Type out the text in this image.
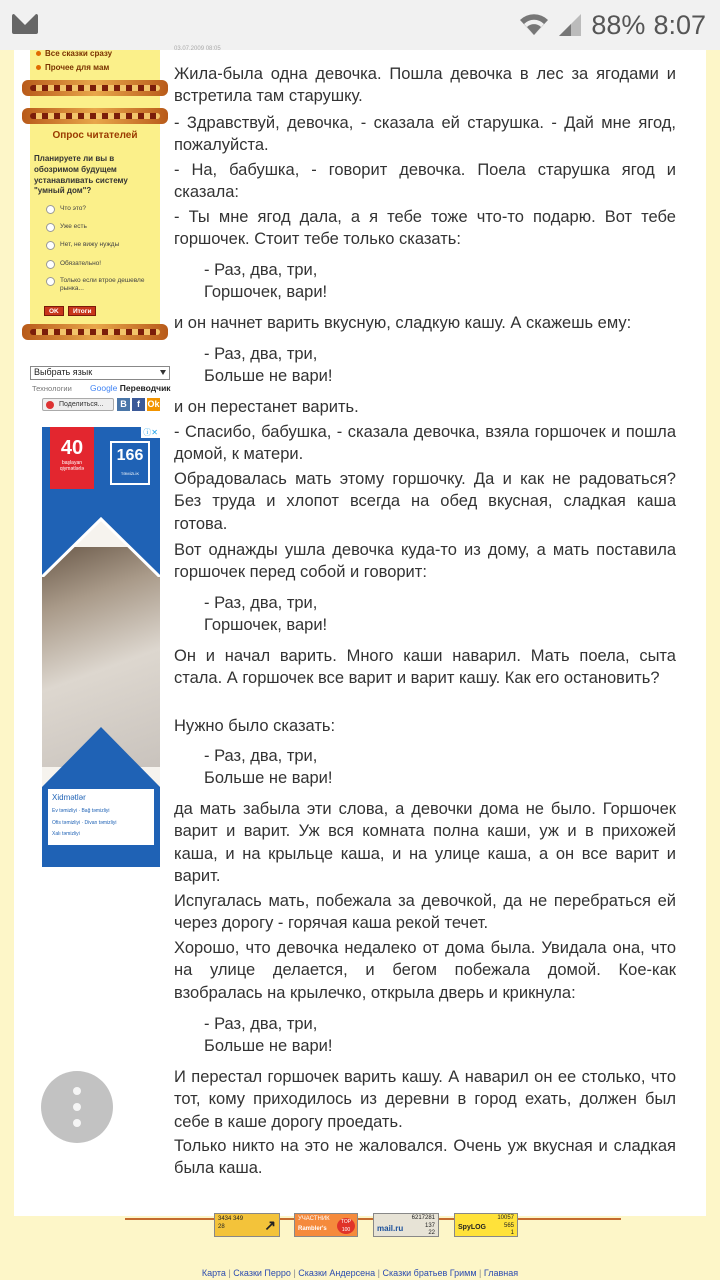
88% 8:07
Все сказки сразу
Прочее для мам
Опрос читателей
Планируете ли вы в обозримом будущем устанавливать систему "умный дом"?
Что это?
Уже есть
Нет, не вижу нужды
Обязательно!
Только если втрое дешевле рынка...
OK	Итоги
Выбрать язык
Технологии Google Переводчик
Поделиться...	В	f Ok
40
başlayan qiymətlərlə
166
TƏMİZLİK
ⓘ✕
Xidmətlər
Ev təmizliyi · Bağ təmizliyi
Ofis təmizliyi · Divan təmizliyi
Xalı təmizliyi
03.07.2009 08:05
Жила-была одна девочка. Пошла девочка в лес за ягодами и встретила там старушку.
- Здравствуй, девочка, - сказала ей старушка. - Дай мне ягод, пожалуйста.
- На, бабушка, - говорит девочка. Поела старушка ягод и сказала:
- Ты мне ягод дала, а я тебе тоже что-то подарю. Вот тебе горшочек. Стоит тебе только сказать:
- Раз, два, три,
Горшочек, вари!
и он начнет варить вкусную, сладкую кашу. А скажешь ему:
- Раз, два, три,
Больше не вари!
и он перестанет варить.
- Спасибо, бабушка, - сказала девочка, взяла горшочек и пошла домой, к матери.
Обрадовалась мать этому горшочку. Да и как не радоваться? Без труда и хлопот всегда на обед вкусная, сладкая каша готова.
Вот однажды ушла девочка куда-то из дому, а мать поставила горшочек перед собой и говорит:
- Раз, два, три,
Горшочек, вари!
Он и начал варить. Много каши наварил. Мать поела, сыта стала. А горшочек все варит и варит кашу. Как его остановить?
Нужно было сказать:
- Раз, два, три,
Больше не вари!
да мать забыла эти слова, а девочки дома не было. Горшочек варит и варит. Уж вся комната полна каши, уж и в прихожей каша, и на крыльце каша, и на улице каша, а он все варит и варит.
Испугалась мать, побежала за девочкой, да не перебраться ей через дорогу - горячая каша рекой течет.
Хорошо, что девочка недалеко от дома была. Увидала она, что на улице делается, и бегом побежала домой. Кое-как взобралась на крылечко, открыла дверь и крикнула:
- Раз, два, три,
Больше не вари!
И перестал горшочек варить кашу. А наварил он ее столько, что тот, кому приходилось из деревни в город ехать, должен был себе в каше дорогу проедать.
Только никто на это не жаловался. Очень уж вкусная и сладкая была каша.
3434 349 28	↗	УЧАСТНИК
Rambler's
TOP 100
6217281
137
22
mail.ru	SpyLOG
10057
565
1
Карта | Сказки Перро | Сказки Андерсена | Сказки братьев Гримм | Главная
